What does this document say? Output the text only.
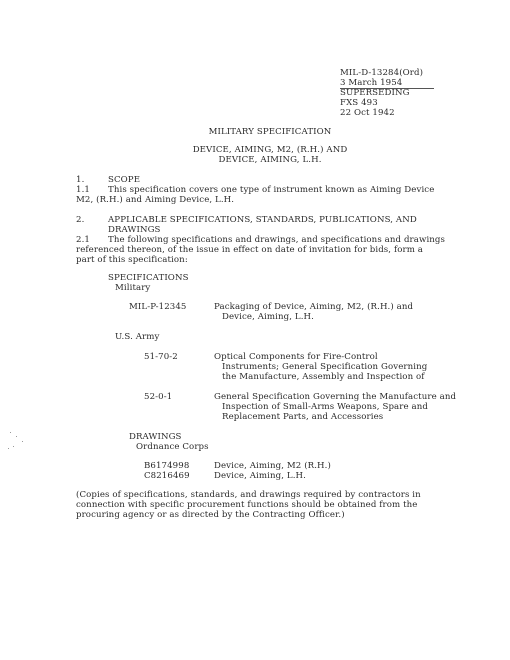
MIL-D-13284(Ord)
3 March 1954
SUPERSEDING
FXS 493
22 Oct 1942
MILITARY SPECIFICATION
DEVICE, AIMING, M2, (R.H.) AND
DEVICE, AIMING, L.H.
1.	SCOPE
1.1 This specification covers one type of instrument known as Aiming Device
M2, (R.H.) and Aiming Device, L.H.
2.	APPLICABLE SPECIFICATIONS, STANDARDS, PUBLICATIONS, AND
DRAWINGS
2.1 The following specifications and drawings, and specifications and drawings
referenced thereon, of the issue in effect on date of invitation for bids, form a
part of this specification:
SPECIFICATIONS
Military
MIL-P-12345	Packaging of Device, Aiming, M2, (R.H.) and
Device, Aiming, L.H.
U.S. Army
51-70-2	Optical Components for Fire-Control
Instruments; General Specification Governing
the Manufacture, Assembly and Inspection of
52-0-1	General Specification Governing the Manufacture and
Inspection of Small-Arms Weapons, Spare and
Replacement Parts, and Accessories
DRAWINGS
Ordnance Corps
B6174998	Device, Aiming, M2 (R.H.)
C8216469	Device, Aiming, L.H.
(Copies of specifications, standards, and drawings required by contractors in
connection with specific procurement functions should be obtained from the
procuring agency or as directed by the Contracting Officer.)
